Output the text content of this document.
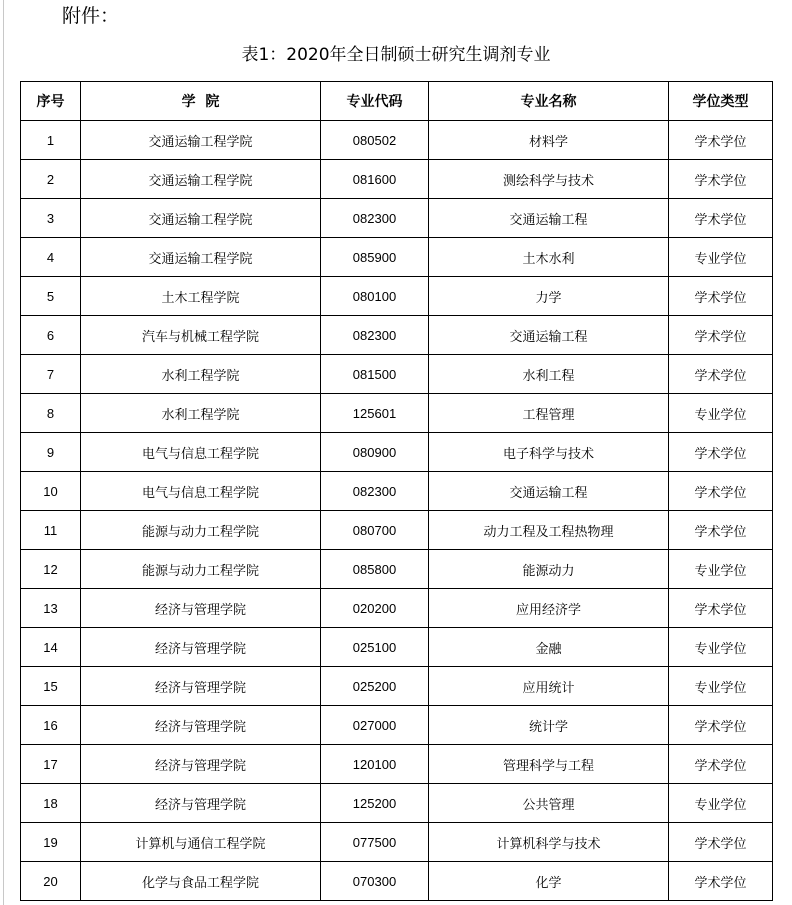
附件：
表1：2020年全日制硕士研究生调剂专业
序号	学  院	专业代码	专业名称	学位类型
1	交通运输工程学院	080502	材料学	学术学位
2	交通运输工程学院	081600	测绘科学与技术	学术学位
3	交通运输工程学院	082300	交通运输工程	学术学位
4	交通运输工程学院	085900	土木水利	专业学位
5	土木工程学院	080100	力学	学术学位
6	汽车与机械工程学院	082300	交通运输工程	学术学位
7	水利工程学院	081500	水利工程	学术学位
8	水利工程学院	125601	工程管理	专业学位
9	电气与信息工程学院	080900	电子科学与技术	学术学位
10	电气与信息工程学院	082300	交通运输工程	学术学位
11	能源与动力工程学院	080700	动力工程及工程热物理	学术学位
12	能源与动力工程学院	085800	能源动力	专业学位
13	经济与管理学院	020200	应用经济学	学术学位
14	经济与管理学院	025100	金融	专业学位
15	经济与管理学院	025200	应用统计	专业学位
16	经济与管理学院	027000	统计学	学术学位
17	经济与管理学院	120100	管理科学与工程	学术学位
18	经济与管理学院	125200	公共管理	专业学位
19	计算机与通信工程学院	077500	计算机科学与技术	学术学位
20	化学与食品工程学院	070300	化学	学术学位
